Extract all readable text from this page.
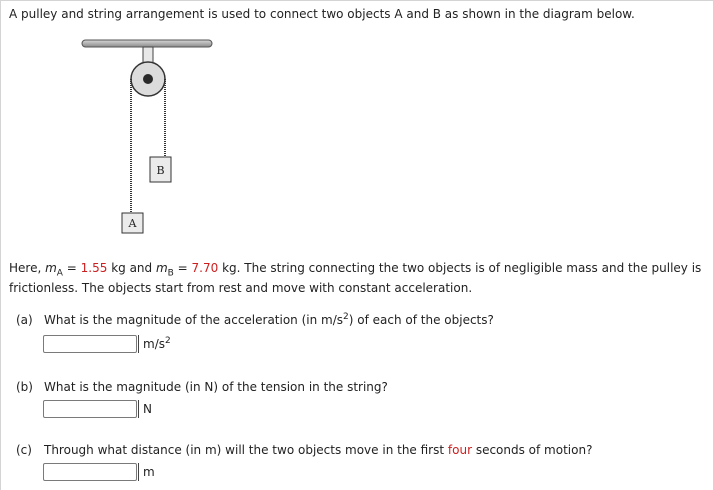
A pulley and string arrangement is used to connect two objects A and B as shown in the diagram below.
B
A
Here, $m_A = 1.55$ kg and $m_B = 7.70$ kg. The string connecting the two objects is of negligible mass and the pulley is frictionless. The objects start from rest and move with constant acceleration.
(a) What is the magnitude of the acceleration (in $m/s^2$) of each of the objects?
$m/s^2$
(b) What is the magnitude (in N) of the tension in the string?
N
(c) Through what distance (in m) will the two objects move in the first four seconds of motion?
m
